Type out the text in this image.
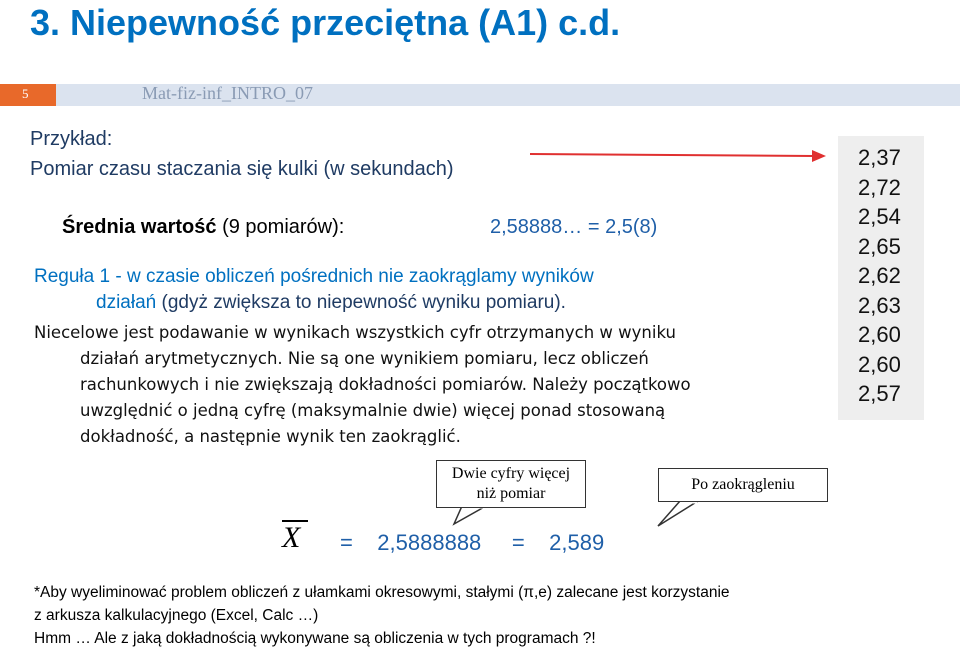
3. Niepewność przeciętna (A1) c.d.
5	Mat-fiz-inf_INTRO_07
Przykład:
Pomiar czasu staczania się kulki (w sekundach)
Średnia wartość (9 pomiarów):	2,58888… = 2,5(8)
Reguła 1 - w czasie obliczeń pośrednich nie zaokrąglamy wyników
działań (gdyż zwiększa to niepewność wyniku pomiaru).

Niecelowe jest podawanie w wynikach wszystkich cyfr otrzymanych w wyniku

działań arytmetycznych. Nie są one wynikiem pomiaru, lecz obliczeń

rachunkowych i nie zwiększają dokładności pomiarów. Należy początkowo

uwzględnić o jedną cyfrę (maksymalnie dwie) więcej ponad stosowaną

dokładność, a następnie wynik ten zaokrąglić.

2,37
2,72
2,54
2,65
2,62
2,63
2,60
2,60
2,57
Dwie cyfry więcej
niż pomiar
Po zaokrągleniu
X =    2,5888888     =    2,589
*Aby wyeliminować problem obliczeń z ułamkami okresowymi, stałymi (π,e) zalecane jest korzystanie
z arkusza kalkulacyjnego (Excel, Calc …)
Hmm … Ale z jaką dokładnością wykonywane są obliczenia w tych programach ?!
